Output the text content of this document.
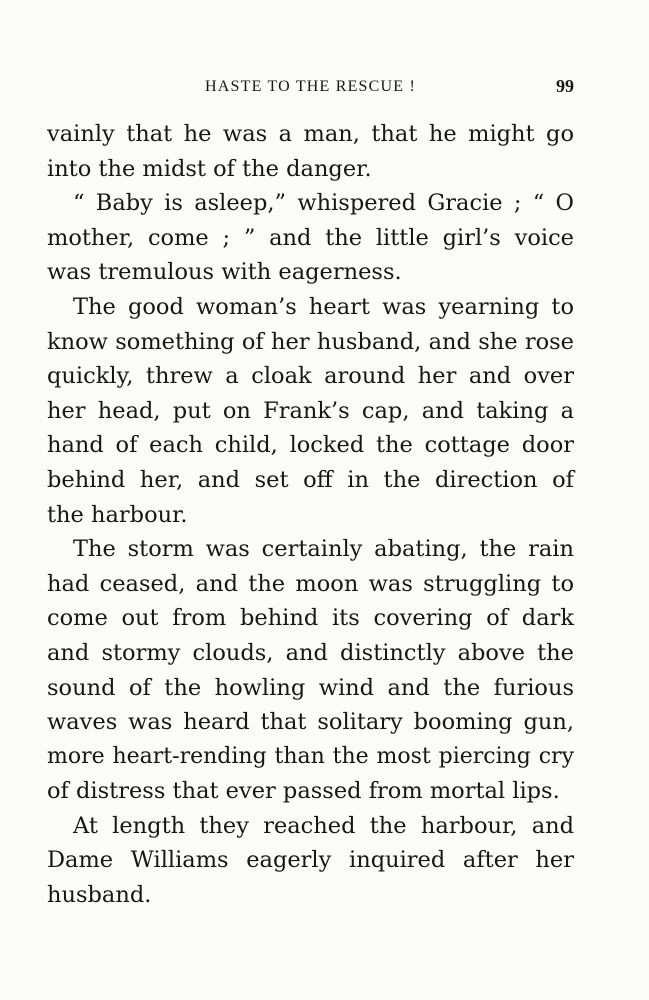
HASTE TO THE RESCUE !	99
vainly that he was a man, that he might go
into the midst of the danger.
“ Baby is asleep,” whispered Gracie ; “ O
mother, come ; ” and the little girl’s voice
was tremulous with eagerness.
The good woman’s heart was yearning to
know something of her husband, and she rose
quickly, threw a cloak around her and over
her head, put on Frank’s cap, and taking a
hand of each child, locked the cottage door
behind her, and set off in the direction of
the harbour.
The storm was certainly abating, the rain
had ceased, and the moon was struggling to
come out from behind its covering of dark
and stormy clouds, and distinctly above the
sound of the howling wind and the furious
waves was heard that solitary booming gun,
more heart-rending than the most piercing cry
of distress that ever passed from mortal lips.
At length they reached the harbour, and
Dame Williams eagerly inquired after her
husband.
